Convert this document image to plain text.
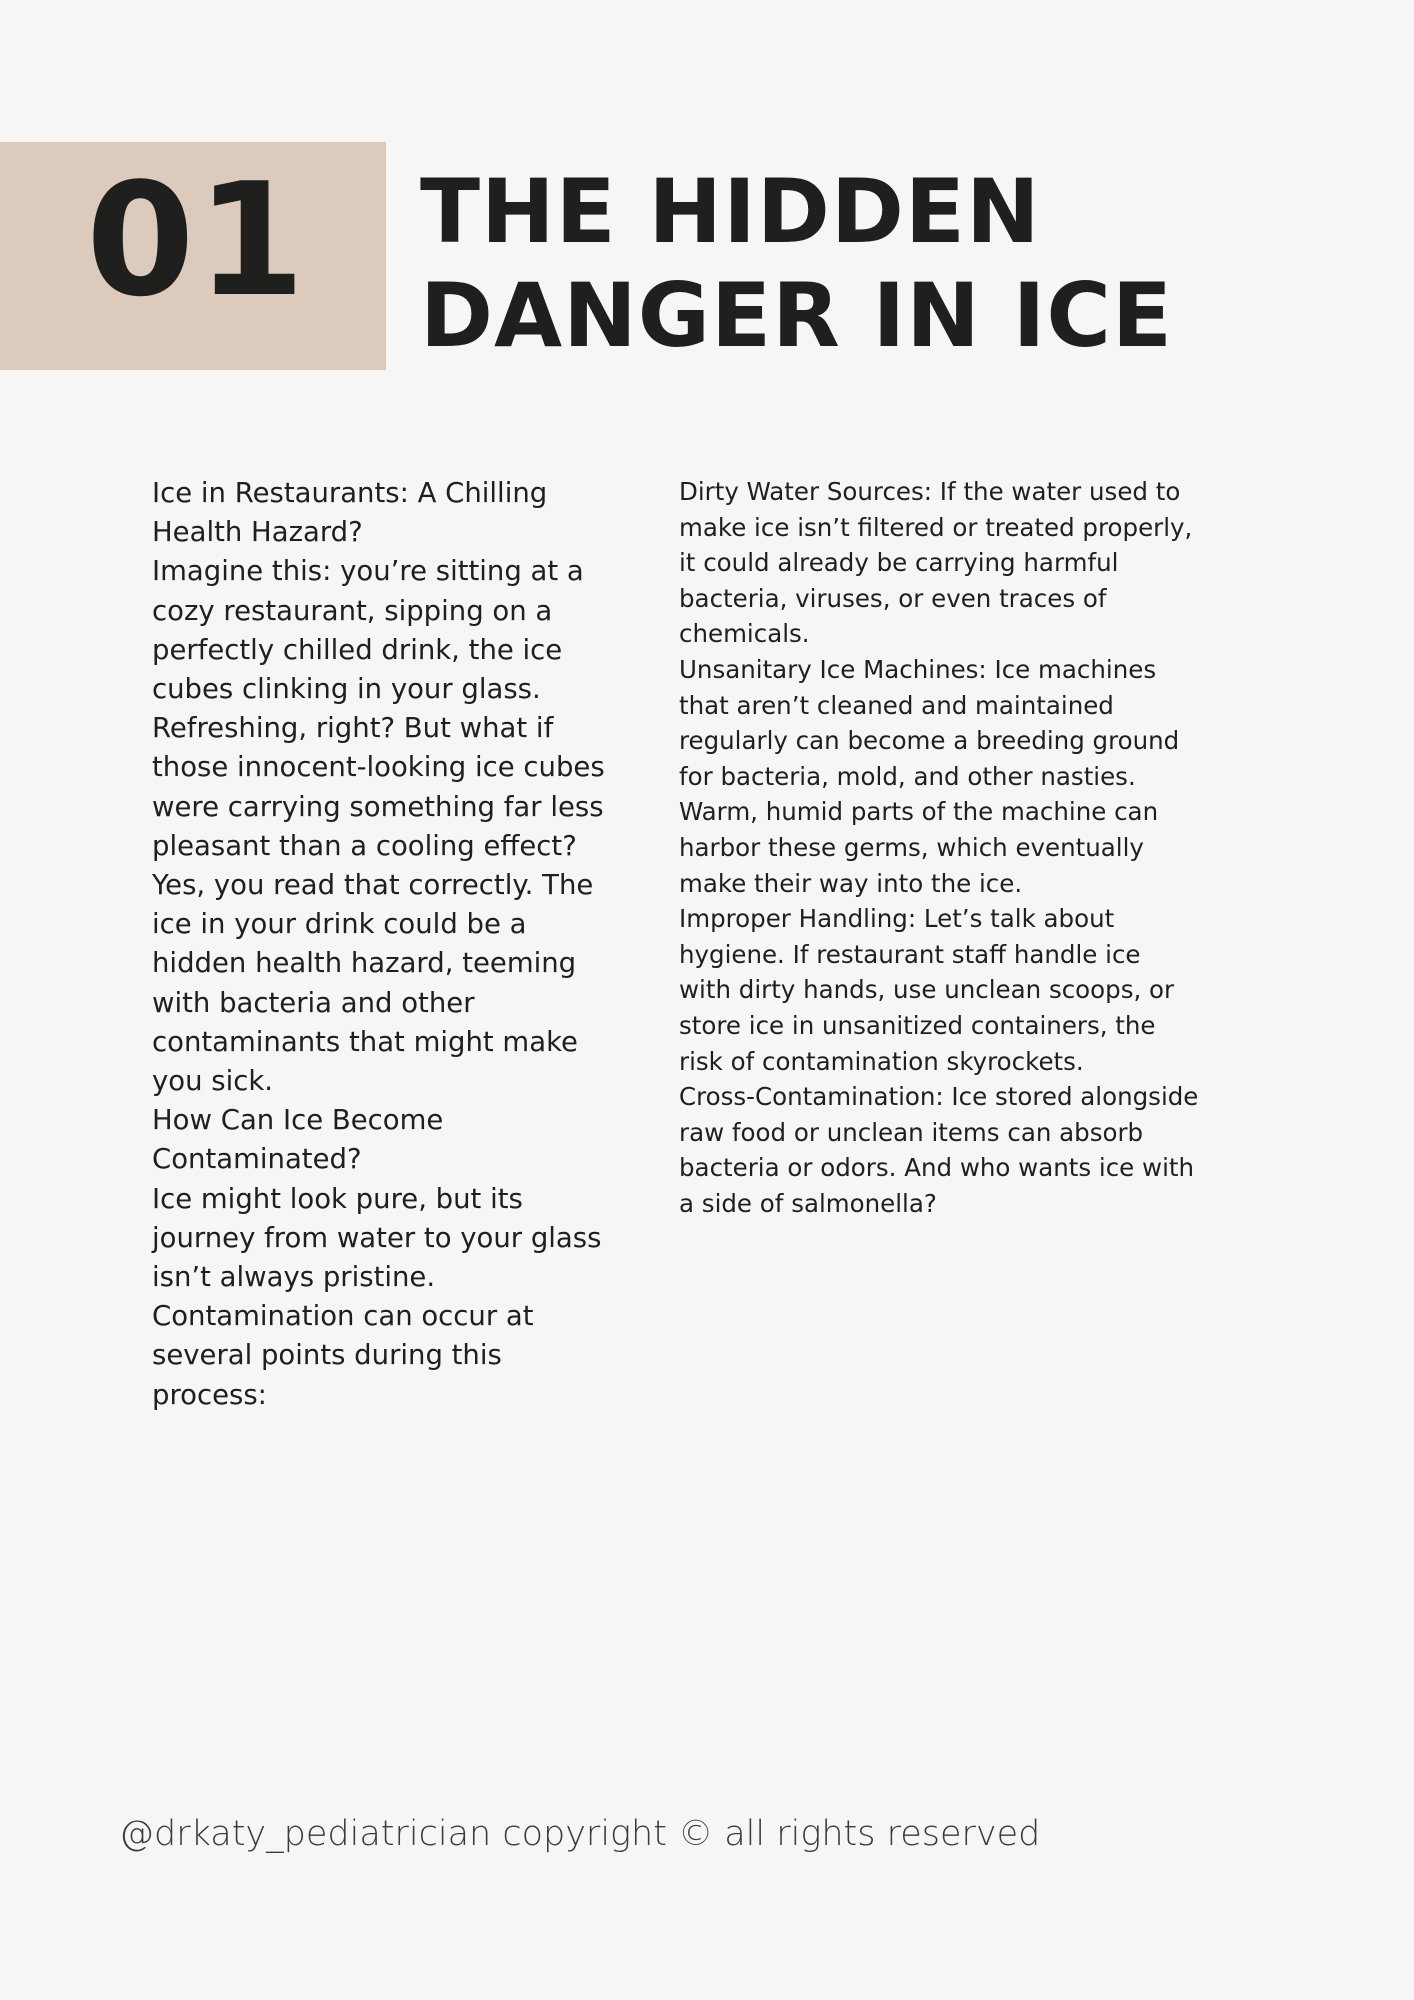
01 THE HIDDEN
DANGER IN ICE

Ice in Restaurants: A Chilling Health Hazard?

Imagine this: you’re sitting at a cozy restaurant, sipping on a perfectly chilled drink, the ice cubes clinking in your glass. Refreshing, right? But what if those innocent-looking ice cubes were carrying something far less pleasant than a cooling effect? Yes, you read that correctly. The ice in your drink could be a hidden health hazard, teeming with bacteria and other contaminants that might make you sick.

How Can Ice Become Contaminated?

Ice might look pure, but its journey from water to your glass isn’t always pristine. Contamination can occur at several points during this process:

Dirty Water Sources: If the water used to make ice isn’t filtered or treated properly, it could already be carrying harmful bacteria, viruses, or even traces of chemicals.

Unsanitary Ice Machines: Ice machines that aren’t cleaned and maintained regularly can become a breeding ground for bacteria, mold, and other nasties. Warm, humid parts of the machine can harbor these germs, which eventually make their way into the ice.

Improper Handling: Let’s talk about hygiene. If restaurant staff handle ice with dirty hands, use unclean scoops, or store ice in unsanitized containers, the risk of contamination skyrockets.

Cross-Contamination: Ice stored alongside raw food or unclean items can absorb bacteria or odors. And who wants ice with a side of salmonella?

@drkaty_pediatrician copyright © all rights reserved
